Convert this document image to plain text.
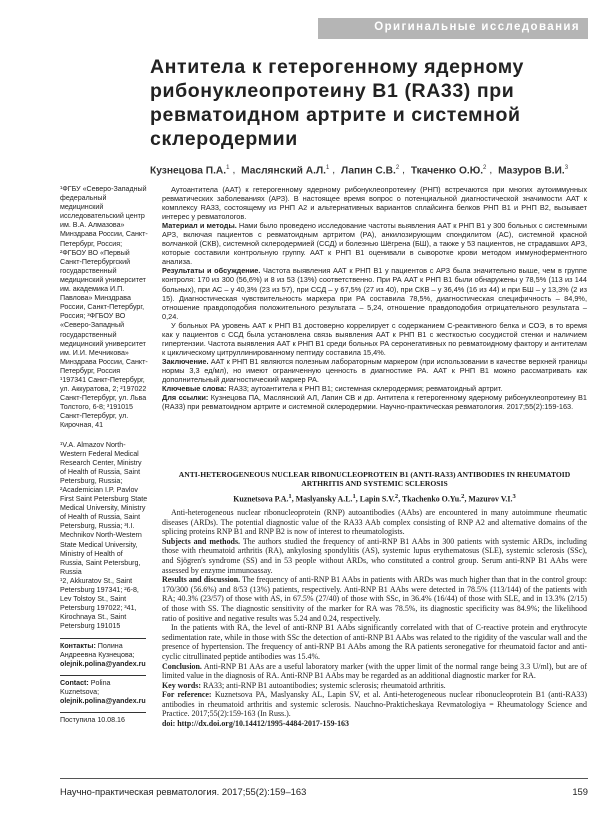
Оригинальные исследования
Антитела к гетерогенному ядерному рибонуклеопротеину В1 (RA33) при ревматоидном артрите и системной склеродермии
Кузнецова П.А.$^1$ , Маслянский А.Л.$^1$ , Лапин С.В.$^2$ , Ткаченко О.Ю.$^2$ , Мазуров В.И.$^3$
¹ФГБУ «Северо-Западный федеральный медицинский исследовательский центр им. В.А. Алмазова» Минздрава России, Санкт-Петербург, Россия; ²ФГБОУ ВО «Первый Санкт-Петербургский государственный медицинский университет им. академика И.П. Павлова» Минздрава России, Санкт-Петербург, Россия; ³ФГБОУ ВО «Северо-Западный государственный медицинский университет им. И.И. Мечникова» Минздрава России, Санкт-Петербург, Россия
¹197341 Санкт-Петербург, ул. Аккуратова, 2; ²197022 Санкт-Петербург, ул. Льва Толстого, 6-8; ³191015 Санкт-Петербург, ул. Кирочная, 41
¹V.A. Almazov North-Western Federal Medical Research Center, Ministry of Health of Russia, Saint Petersburg, Russia; ²Academician I.P. Pavlov First Saint Petersburg State Medical University, Ministry of Health of Russia, Saint Petersburg, Russia; ³I.I. Mechnikov North-Western State Medical University, Ministry of Health of Russia, Saint Petersburg, Russia
¹2, Akkuratov St., Saint Petersburg 197341; ²6-8, Lev Tolstoy St., Saint Petersburg 197022; ³41, Kirochnaya St., Saint Petersburg 191015
Контакты: Полина Андреевна Кузнецова; olejnik.polina@yandex.ru
Contact: Polina Kuznetsova; olejnik.polina@yandex.ru
Поступила 10.08.16

Аутоантитела (ААТ) к гетерогенному ядерному рибонуклеопротеину (РНП) встречаются при многих аутоиммунных ревматических заболеваниях (АРЗ). В настоящее время вопрос о потенциальной диагностической значимости ААТ к комплексу RA33, состоящему из РНП А2 и альтернативных вариантов сплайсинга белков РНП В1 и РНП В2, вызывает интерес у ревматологов.

Материал и методы. Нами было проведено исследование частоты выявления ААТ к РНП В1 у 300 больных с системными АРЗ, включая пациентов с ревматоидным артритом (РА), анкилозирующим спондилитом (АС), системной красной волчанкой (СКВ), системной склеродермией (ССД) и болезнью Шёгрена (БШ), а также у 53 пациентов, не страдавших АРЗ, которые составили контрольную группу. ААТ к РНП В1 оценивали в сыворотке крови методом иммуноферментного анализа.

Результаты и обсуждение. Частота выявления ААТ к РНП В1 у пациентов с АРЗ была значительно выше, чем в группе контроля: 170 из 300 (56,6%) и 8 из 53 (13%) соответственно. При РА ААТ к РНП В1 были обнаружены у 78,5% (113 из 144 больных), при АС – у 40,3% (23 из 57), при ССД – у 67,5% (27 из 40), при СКВ – у 36,4% (16 из 44) и при БШ – у 13,3% (2 из 15). Диагностическая чувствительность маркера при РА составила 78,5%, диагностическая специфичность – 84,9%, отношение правдоподобия положительного результата – 5,24, отношение правдоподобия отрицательного результата – 0,24.

У больных РА уровень ААТ к РНП В1 достоверно коррелирует с содержанием С-реактивного белка и СОЭ, в то время как у пациентов с ССД была установлена связь выявления ААТ к РНП В1 с жесткостью сосудистой стенки и наличием гипертензии. Частота выявления ААТ к РНП В1 среди больных РА серонегативных по ревматоидному фактору и антителам к циклическому цитруллинированному пептиду составила 15,4%.

Заключение. ААТ к РНП В1 являются полезным лабораторным маркером (при использовании в качестве верхней границы нормы 3,3 ед/мл), но имеют ограниченную ценность в диагностике РА. ААТ к РНП В1 можно рассматривать как дополнительный диагностический маркер РА.

Ключевые слова: RA33; аутоантитела к РНП В1; системная склеродермия; ревматоидный артрит.

Для ссылки: Кузнецова ПА, Маслянский АЛ, Лапин СВ и др. Антитела к гетерогенному ядерному рибонуклеопротеину В1 (RA33) при ревматоидном артрите и системной склеродермии. Научно-практическая ревматология. 2017;55(2):159-163.

ANTI-HETEROGENEOUS NUCLEAR RIBONUCLEOPROTEIN B1 (ANTI-RA33) ANTIBODIES IN RHEUMATOID ARTHRITIS AND SYSTEMIC SCLEROSIS
Kuznetsova P.A.$^1$, Maslyansky A.L.$^1$, Lapin S.V.$^2$, Tkachenko O.Yu.$^2$, Mazurov V.I.$^3$

Anti-heterogeneous nuclear ribonucleoprotein (RNP) autoantibodies (AAbs) are encountered in many autoimmune rheumatic diseases (ARDs). The potential diagnostic value of the RA33 AAb complex consisting of RNP A2 and alternative domains of the splicing proteins RNP B1 and RNP B2 is now of interest to rheumatologists.

Subjects and methods. The authors studied the frequency of anti-RNP B1 AAbs in 300 patients with systemic ARDs, including those with rheumatoid arthritis (RA), ankylosing spondylitis (AS), systemic lupus erythematosus (SLE), systemic sclerosis (SSc), and Sjögren's syndrome (SS) and in 53 people without ARDs, who constituted a control group. Serum anti-RNP B1 AAbs were assessed by enzyme immunoassay.

Results and discussion. The frequency of anti-RNP B1 AAbs in patients with ARDs was much higher than that in the control group: 170/300 (56.6%) and 8/53 (13%) patients, respectively. Anti-RNP B1 AAbs were detected in 78.5% (113/144) of the patients with RA; 40.3% (23/57) of those with AS, in 67.5% (27/40) of those with SSc, in 36.4% (16/44) of those with SLE, and in 13.3% (2/15) of those with SS. The diagnostic sensitivity of the marker for RA was 78.5%, its diagnostic specificity was 84.9%; the likelihood ratio of positive and negative results was 5.24 and 0.24, respectively.

In the patients with RA, the level of anti-RNP B1 AAbs significantly correlated with that of C-reactive protein and erythrocyte sedimentation rate, while in those with SSc the detection of anti-RNP B1 AAbs was related to the rigidity of the vascular wall and the presence of hypertension. The frequency of anti-RNP B1 AAbs among the RA patients seronegative for rheumatoid factor and anti-cyclic citrullinated peptide antibodies was 15.4%.

Conclusion. Anti-RNP B1 AAs are a useful laboratory marker (with the upper limit of the normal range being 3.3 U/ml), but are of limited value in the diagnosis of RA. Anti-RNP B1 AAbs may be regarded as an additional diagnostic marker for RA.

Key words: RA33; anti-RNP B1 autoantibodies; systemic sclerosis; rheumatoid arthritis.

For reference: Kuznetsova PA, Maslyansky AL, Lapin SV, et al. Anti-heterogeneous nuclear ribonucleoprotein B1 (anti-RA33) antibodies in rheumatoid arthritis and systemic sclerosis. Nauchno-Prakticheskaya Revmatologiya = Rheumatology Science and Practice. 2017;55(2):159-163 (In Russ.).

doi: http://dx.doi.org/10.14412/1995-4484-2017-159-163

Научно-практическая ревматология. 2017;55(2):159–163	159
